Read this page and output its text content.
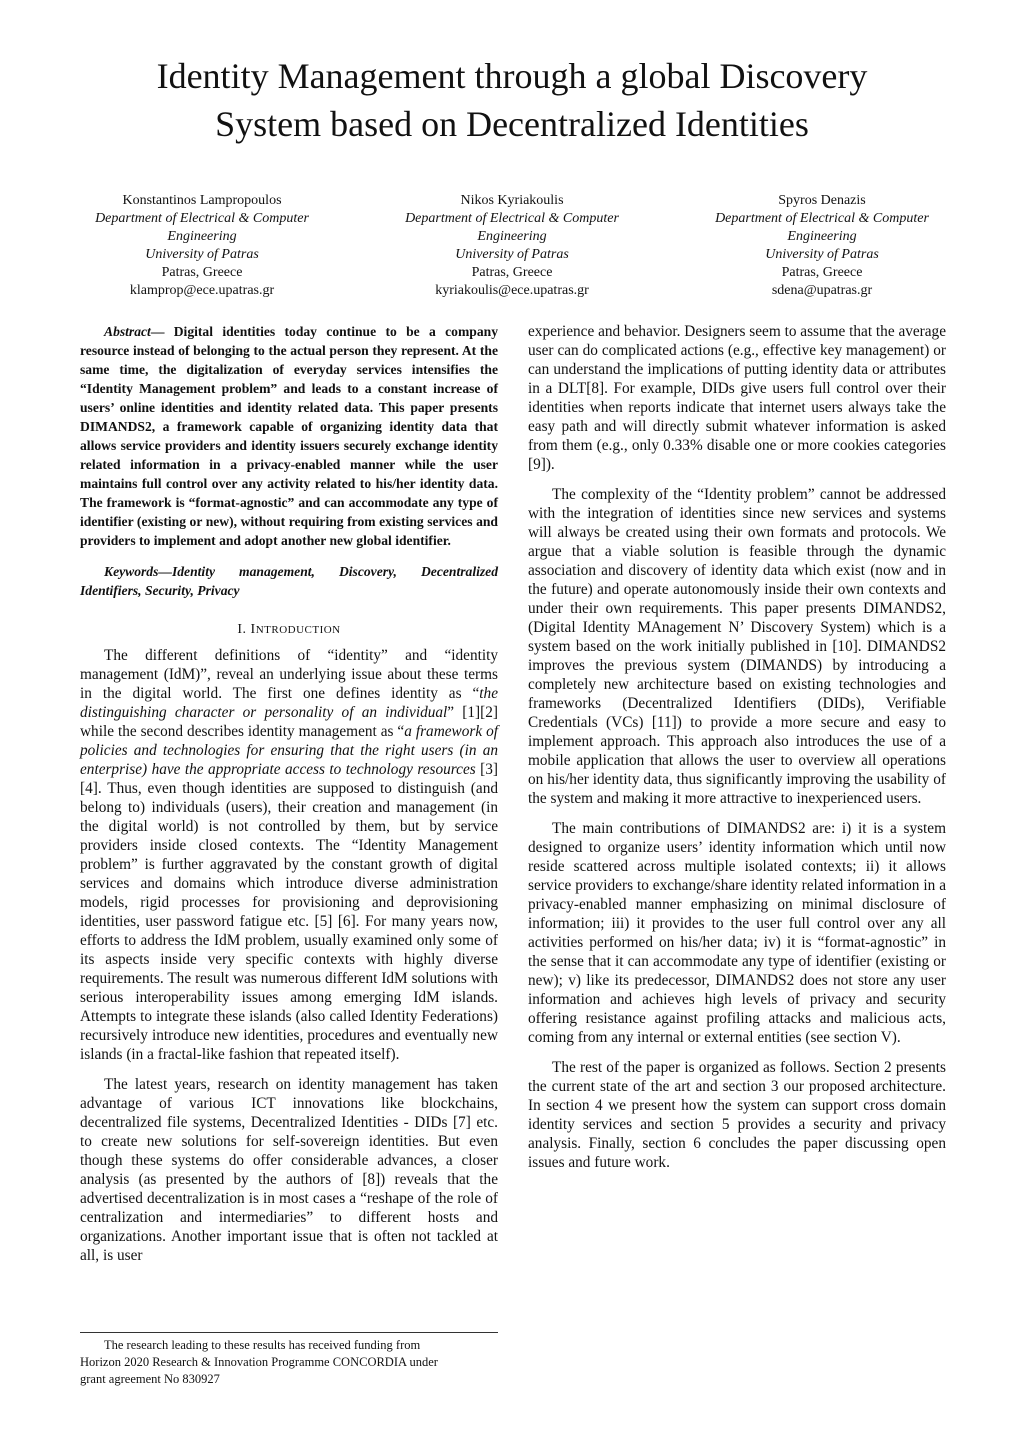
Identity Management through a global Discovery
System based on Decentralized Identities
Konstantinos Lampropoulos
Department of Electrical & Computer
Engineering
University of Patras
Patras, Greece
klamprop@ece.upatras.gr
Nikos Kyriakoulis
Department of Electrical & Computer
Engineering
University of Patras
Patras, Greece
kyriakoulis@ece.upatras.gr
Spyros Denazis
Department of Electrical & Computer
Engineering
University of Patras
Patras, Greece
sdena@upatras.gr

Abstract— Digital identities today continue to be a company resource instead of belonging to the actual person they represent. At the same time, the digitalization of everyday services intensifies the “Identity Management problem” and leads to a constant increase of users’ online identities and identity related data. This paper presents DIMANDS2, a framework capable of organizing identity data that allows service providers and identity issuers securely exchange identity related information in a privacy-enabled manner while the user maintains full control over any activity related to his/her identity data. The framework is “format-agnostic” and can accommodate any type of identifier (existing or new), without requiring from existing services and providers to implement and adopt another new global identifier.

Keywords—Identity management, Discovery, Decentralized Identifiers, Security, Privacy

I. INTRODUCTION

The different definitions of “identity” and “identity management (IdM)”, reveal an underlying issue about these terms in the digital world. The first one defines identity as “the distinguishing character or personality of an individual” [1][2] while the second describes identity management as “a framework of policies and technologies for ensuring that the right users (in an enterprise) have the appropriate access to technology resources [3][4]. Thus, even though identities are supposed to distinguish (and belong to) individuals (users), their creation and management (in the digital world) is not controlled by them, but by service providers inside closed contexts. The “Identity Management problem” is further aggravated by the constant growth of digital services and domains which introduce diverse administration models, rigid processes for provisioning and deprovisioning identities, user password fatigue etc. [5] [6]. For many years now, efforts to address the IdM problem, usually examined only some of its aspects inside very specific contexts with highly diverse requirements. The result was numerous different IdM solutions with serious interoperability issues among emerging IdM islands. Attempts to integrate these islands (also called Identity Federations) recursively introduce new identities, procedures and eventually new islands (in a fractal-like fashion that repeated itself).

The latest years, research on identity management has taken advantage of various ICT innovations like blockchains, decentralized file systems, Decentralized Identities - DIDs [7] etc. to create new solutions for self-sovereign identities. But even though these systems do offer considerable advances, a closer analysis (as presented by the authors of [8]) reveals that the advertised decentralization is in most cases a “reshape of the role of centralization and intermediaries” to different hosts and organizations. Another important issue that is often not tackled at all, is user

experience and behavior. Designers seem to assume that the average user can do complicated actions (e.g., effective key management) or can understand the implications of putting identity data or attributes in a DLT[8]. For example, DIDs give users full control over their identities when reports indicate that internet users always take the easy path and will directly submit whatever information is asked from them (e.g., only 0.33% disable one or more cookies categories [9]).

The complexity of the “Identity problem” cannot be addressed with the integration of identities since new services and systems will always be created using their own formats and protocols. We argue that a viable solution is feasible through the dynamic association and discovery of identity data which exist (now and in the future) and operate autonomously inside their own contexts and under their own requirements. This paper presents DIMANDS2, (Digital Identity MAnagement N’ Discovery System) which is a system based on the work initially published in [10]. DIMANDS2 improves the previous system (DIMANDS) by introducing a completely new architecture based on existing technologies and frameworks (Decentralized Identifiers (DIDs), Verifiable Credentials (VCs) [11]) to provide a more secure and easy to implement approach. This approach also introduces the use of a mobile application that allows the user to overview all operations on his/her identity data, thus significantly improving the usability of the system and making it more attractive to inexperienced users.

The main contributions of DIMANDS2 are: i) it is a system designed to organize users’ identity information which until now reside scattered across multiple isolated contexts; ii) it allows service providers to exchange/share identity related information in a privacy-enabled manner emphasizing on minimal disclosure of information; iii) it provides to the user full control over any all activities performed on his/her data; iv) it is “format-agnostic” in the sense that it can accommodate any type of identifier (existing or new); v) like its predecessor, DIMANDS2 does not store any user information and achieves high levels of privacy and security offering resistance against profiling attacks and malicious acts, coming from any internal or external entities (see section V).

The rest of the paper is organized as follows. Section 2 presents the current state of the art and section 3 our proposed architecture. In section 4 we present how the system can support cross domain identity services and section 5 provides a security and privacy analysis. Finally, section 6 concludes the paper discussing open issues and future work.

The research leading to these results has received funding from
Horizon 2020 Research & Innovation Programme CONCORDIA under
grant agreement No 830927
